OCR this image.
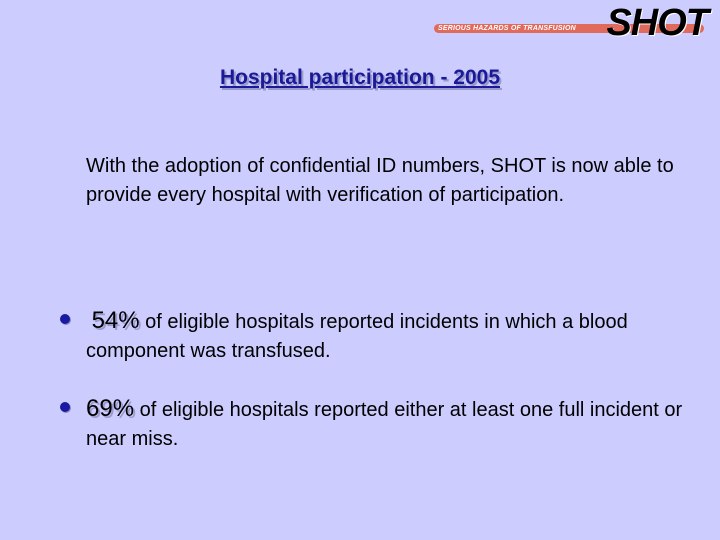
SERIOUS HAZARDS OF TRANSFUSION SHOT
Hospital participation - 2005
With the adoption of confidential ID numbers, SHOT is now able to provide every hospital with verification of participation.
54% of eligible hospitals reported incidents in which a blood component was transfused.
69% of eligible hospitals reported either at least one full incident or near miss.
